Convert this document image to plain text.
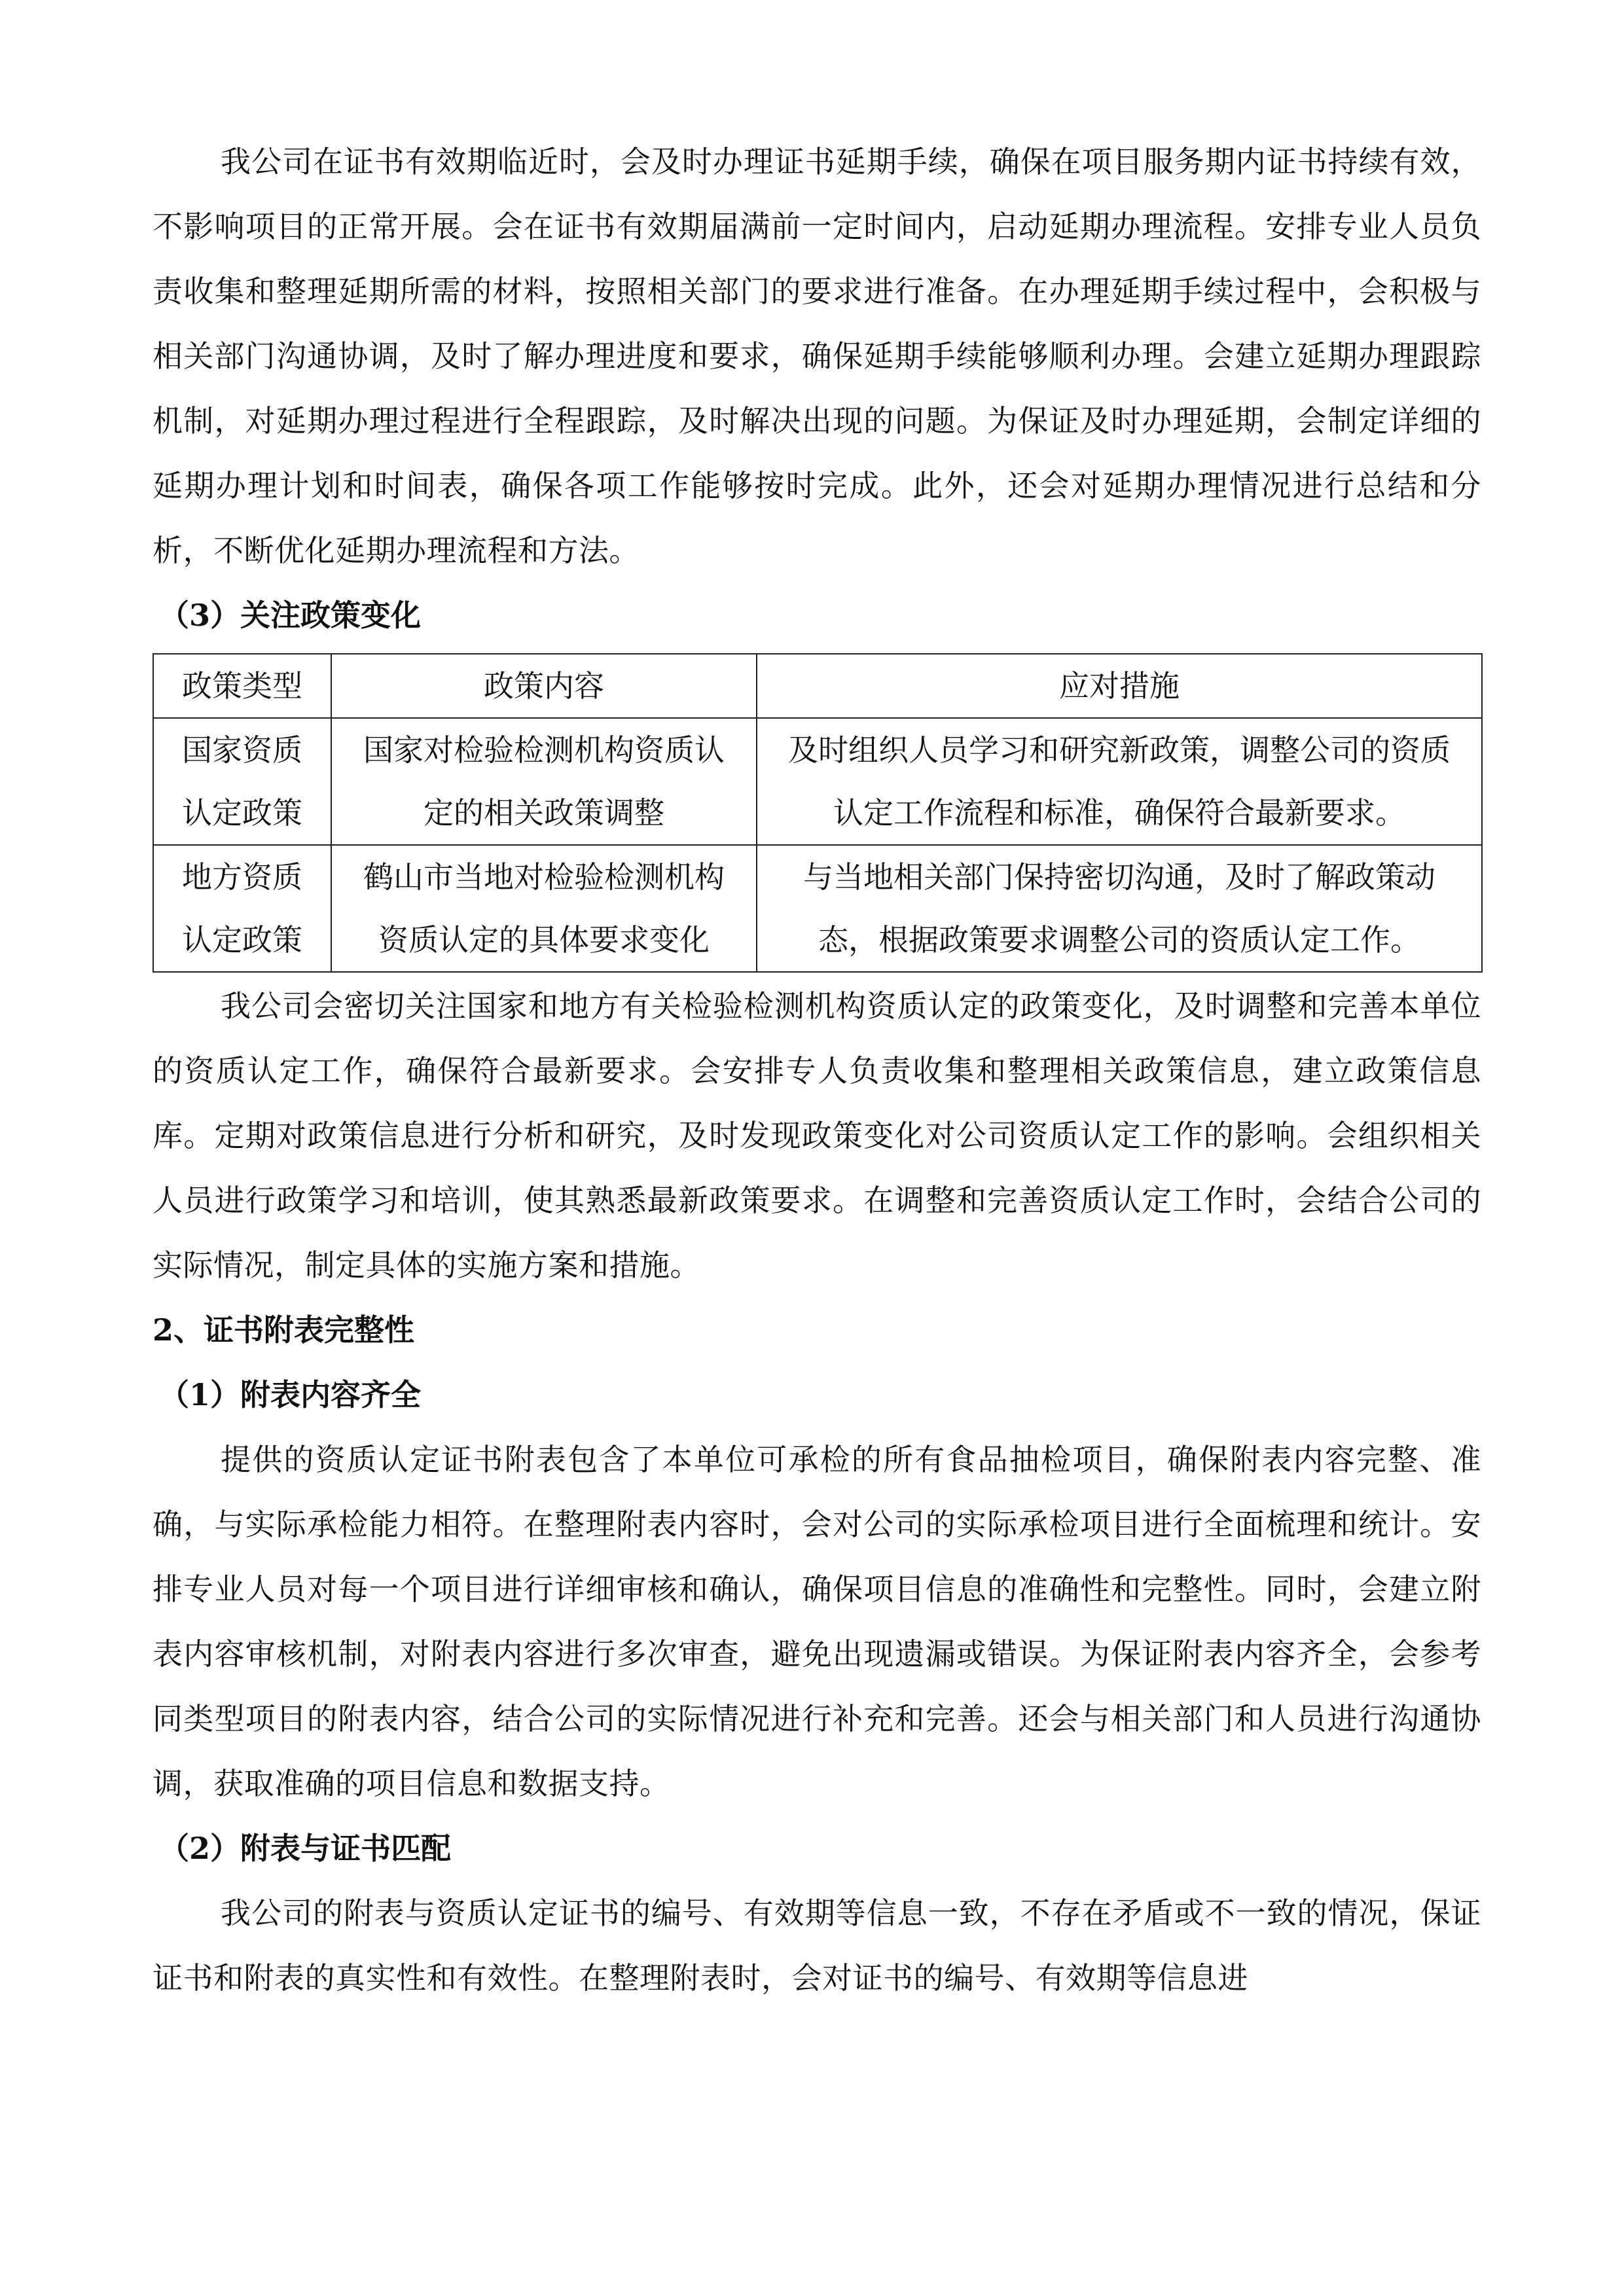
我公司在证书有效期临近时，会及时办理证书延期手续，确保在项目服务期内证书持续有效，不影响项目的正常开展。会在证书有效期届满前一定时间内，启动延期办理流程。安排专业人员负责收集和整理延期所需的材料，按照相关部门的要求进行准备。在办理延期手续过程中，会积极与相关部门沟通协调，及时了解办理进度和要求，确保延期手续能够顺利办理。会建立延期办理跟踪机制，对延期办理过程进行全程跟踪，及时解决出现的问题。为保证及时办理延期，会制定详细的延期办理计划和时间表，确保各项工作能够按时完成。此外，还会对延期办理情况进行总结和分析，不断优化延期办理流程和方法。

（3）关注政策变化

政策类型	政策内容	应对措施
国家资质认定政策	国家对检验检测机构资质认定的相关政策调整	及时组织人员学习和研究新政策，调整公司的资质认定工作流程和标准，确保符合最新要求。
地方资质认定政策	鹤山市当地对检验检测机构资质认定的具体要求变化	与当地相关部门保持密切沟通，及时了解政策动态，根据政策要求调整公司的资质认定工作。

我公司会密切关注国家和地方有关检验检测机构资质认定的政策变化，及时调整和完善本单位的资质认定工作，确保符合最新要求。会安排专人负责收集和整理相关政策信息，建立政策信息库。定期对政策信息进行分析和研究，及时发现政策变化对公司资质认定工作的影响。会组织相关人员进行政策学习和培训，使其熟悉最新政策要求。在调整和完善资质认定工作时，会结合公司的实际情况，制定具体的实施方案和措施。

2、证书附表完整性

（1）附表内容齐全

提供的资质认定证书附表包含了本单位可承检的所有食品抽检项目，确保附表内容完整、准确，与实际承检能力相符。在整理附表内容时，会对公司的实际承检项目进行全面梳理和统计。安排专业人员对每一个项目进行详细审核和确认，确保项目信息的准确性和完整性。同时，会建立附表内容审核机制，对附表内容进行多次审查，避免出现遗漏或错误。为保证附表内容齐全，会参考同类型项目的附表内容，结合公司的实际情况进行补充和完善。还会与相关部门和人员进行沟通协调，获取准确的项目信息和数据支持。

（2）附表与证书匹配

我公司的附表与资质认定证书的编号、有效期等信息一致，不存在矛盾或不一致的情况，保证证书和附表的真实性和有效性。在整理附表时，会对证书的编号、有效期等信息进
